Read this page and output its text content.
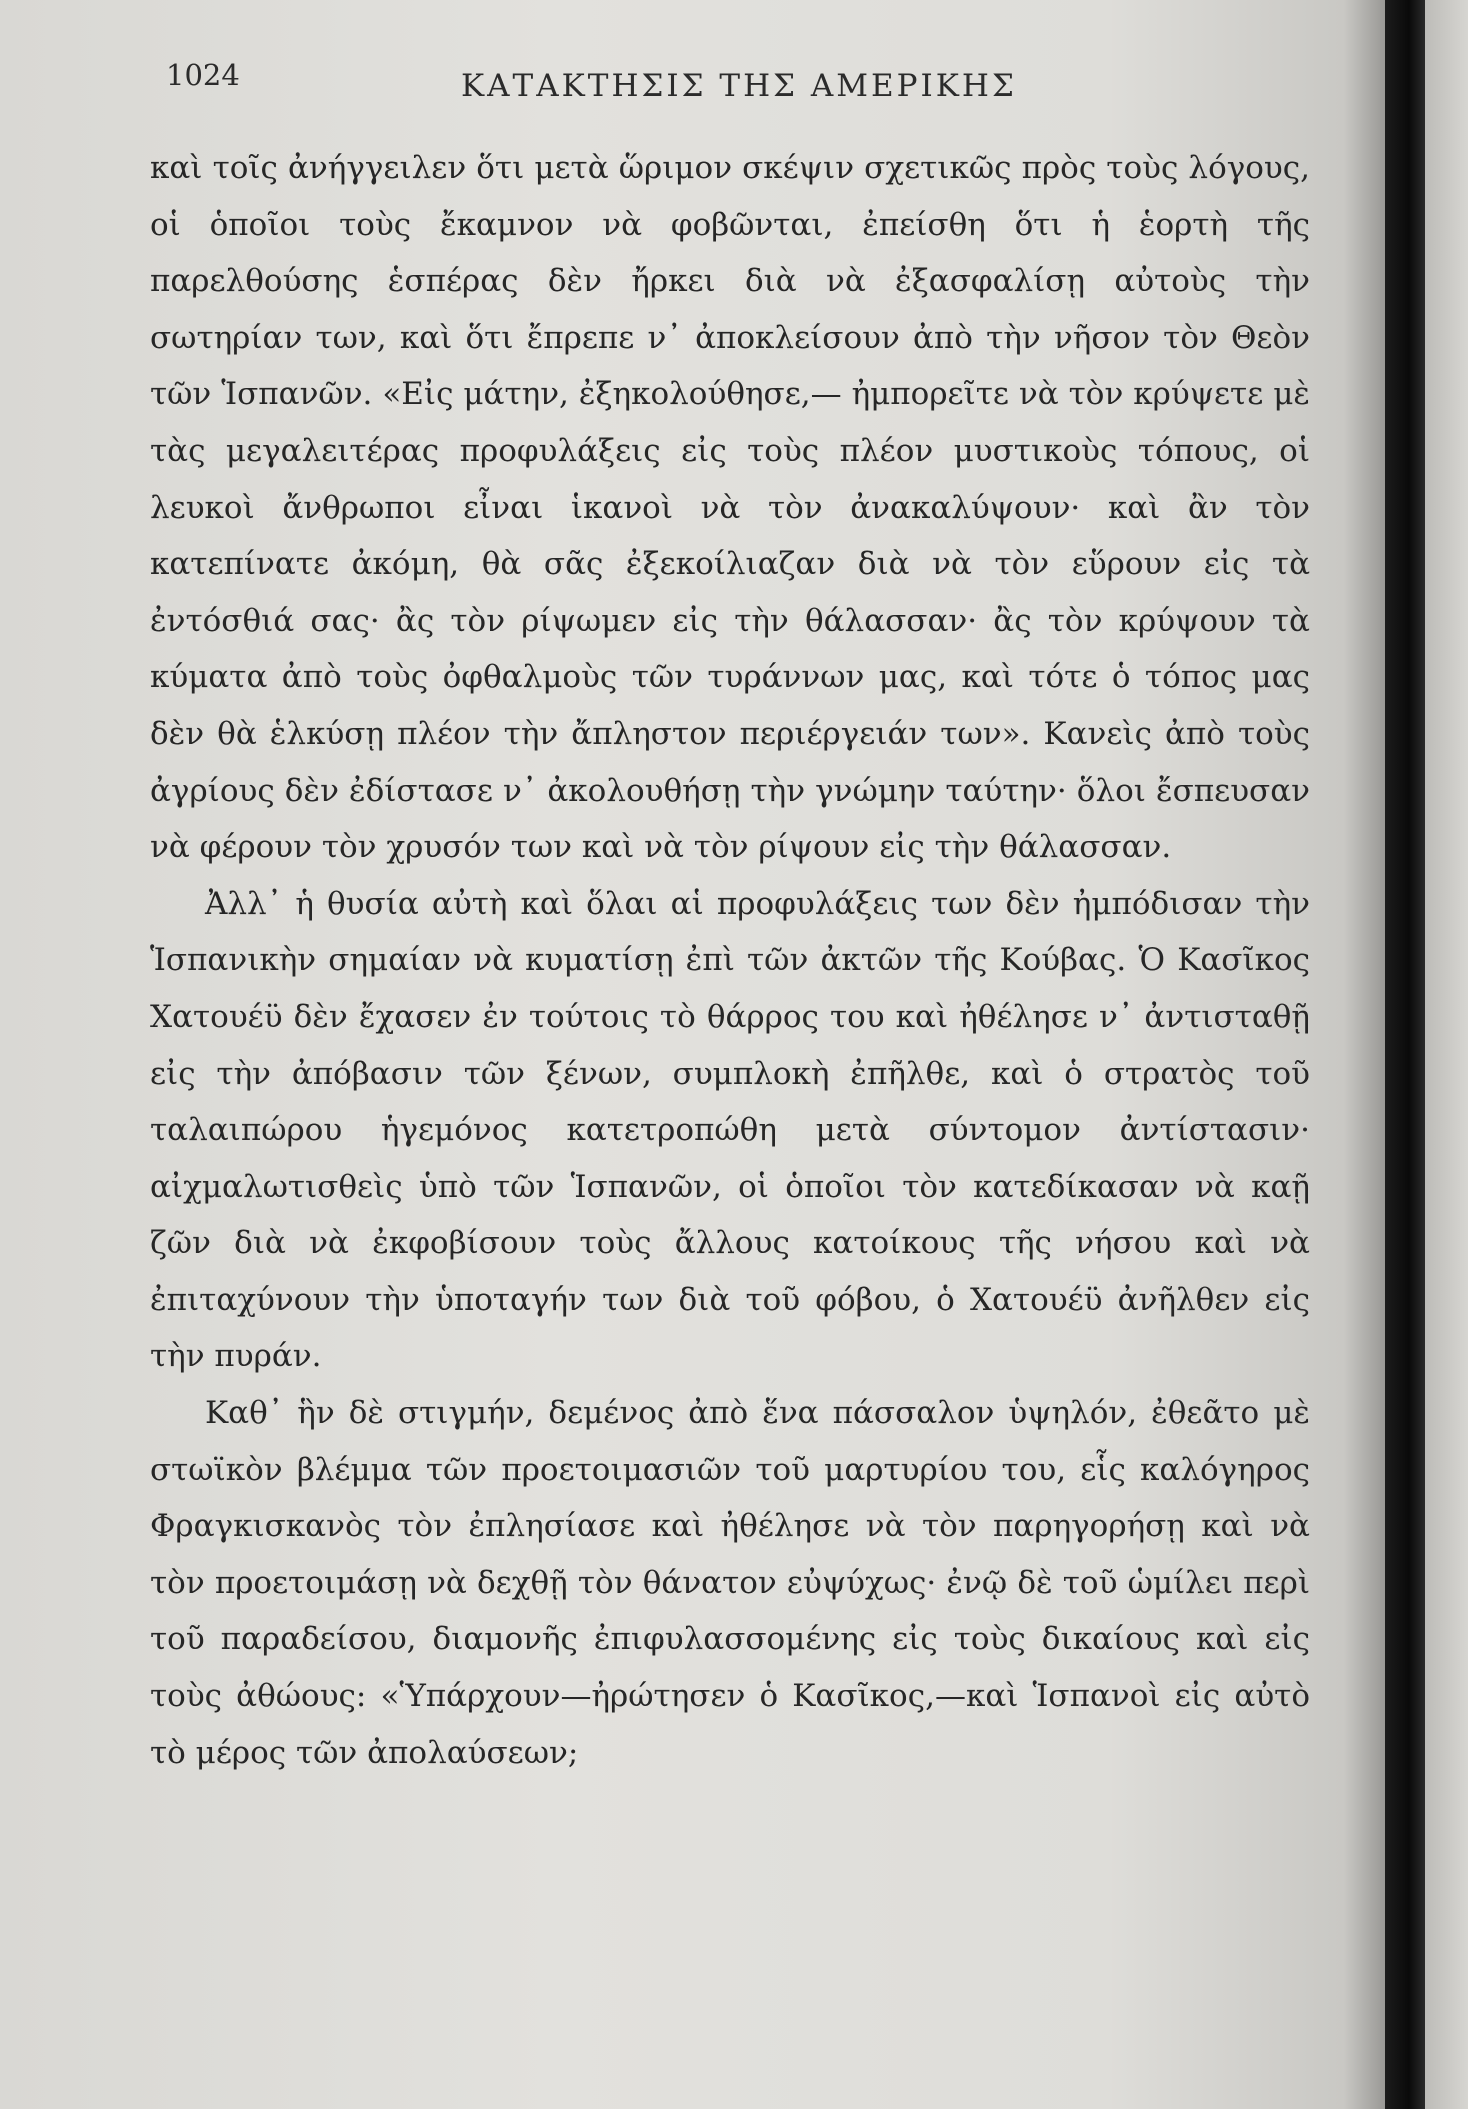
1024	ΚΑΤΑΚΤΗΣΙΣ ΤΗΣ ΑΜΕΡΙΚΗΣ

καὶ τοῖς ἀνήγγειλεν ὅτι μετὰ ὥριμον σκέψιν σχετικῶς πρὸς τοὺς λόγους, οἱ ὁποῖοι τοὺς ἔκαμνον νὰ φοβῶνται, ἐπείσθη ὅτι ἡ ἑορτὴ τῆς παρελθούσης ἑσπέρας δὲν ἤρκει διὰ νὰ ἐξασφαλίσῃ αὐτοὺς τὴν σωτηρίαν των, καὶ ὅτι ἔπρεπε ν᾿ ἀποκλείσουν ἀπὸ τὴν νῆσον τὸν Θεὸν τῶν Ἱσπανῶν. «Εἰς μάτην, ἐξηκολούθησε,— ἠμπορεῖτε νὰ τὸν κρύψετε μὲ τὰς μεγαλειτέρας προφυλάξεις εἰς τοὺς πλέον μυστικοὺς τόπους, οἱ λευκοὶ ἄνθρωποι εἶναι ἱκανοὶ νὰ τὸν ἀνακαλύψουν· καὶ ἂν τὸν κατεπίνατε ἀκόμη, θὰ σᾶς ἐξεκοίλιαζαν διὰ νὰ τὸν εὕρουν εἰς τὰ ἐντόσθιά σας· ἂς τὸν ρίψωμεν εἰς τὴν θάλασσαν· ἂς τὸν κρύψουν τὰ κύματα ἀπὸ τοὺς ὀφθαλμοὺς τῶν τυράννων μας, καὶ τότε ὁ τόπος μας δὲν θὰ ἑλκύσῃ πλέον τὴν ἄπληστον περιέργειάν των». Κανεὶς ἀπὸ τοὺς ἀγρίους δὲν ἐδίστασε ν᾿ ἀκολουθήσῃ τὴν γνώμην ταύτην· ὅλοι ἔσπευσαν νὰ φέρουν τὸν χρυσόν των καὶ νὰ τὸν ρίψουν εἰς τὴν θάλασσαν.

Ἀλλ᾿ ἡ θυσία αὐτὴ καὶ ὅλαι αἱ προφυλάξεις των δὲν ἠμπόδισαν τὴν Ἱσπανικὴν σημαίαν νὰ κυματίσῃ ἐπὶ τῶν ἀκτῶν τῆς Κούβας. Ὁ Κασῖκος Χατουέϋ δὲν ἔχασεν ἐν τούτοις τὸ θάρρος του καὶ ἠθέλησε ν᾿ ἀντισταθῇ εἰς τὴν ἀπόβασιν τῶν ξένων, συμπλοκὴ ἐπῆλθε, καὶ ὁ στρατὸς τοῦ ταλαιπώρου ἡγεμόνος κατετροπώθη μετὰ σύντομον ἀντίστασιν· αἰχμαλωτισθεὶς ὑπὸ τῶν Ἱσπανῶν, οἱ ὁποῖοι τὸν κατεδίκασαν νὰ καῇ ζῶν διὰ νὰ ἐκφοβίσουν τοὺς ἄλλους κατοίκους τῆς νήσου καὶ νὰ ἐπιταχύνουν τὴν ὑποταγήν των διὰ τοῦ φόβου, ὁ Χατουέϋ ἀνῆλθεν εἰς τὴν πυράν.

Καθ᾿ ἣν δὲ στιγμήν, δεμένος ἀπὸ ἕνα πάσσαλον ὑψηλόν, ἐθεᾶτο μὲ στωϊκὸν βλέμμα τῶν προετοιμασιῶν τοῦ μαρτυρίου του, εἷς καλόγηρος Φραγκισκανὸς τὸν ἐπλησίασε καὶ ἠθέλησε νὰ τὸν παρηγορήσῃ καὶ νὰ τὸν προετοιμάσῃ νὰ δεχθῇ τὸν θάνατον εὐψύχως· ἐνῷ δὲ τοῦ ὡμίλει περὶ τοῦ παραδείσου, διαμονῆς ἐπιφυλασσομένης εἰς τοὺς δικαίους καὶ εἰς τοὺς ἀθώους: «Ὑπάρχουν—ἠρώτησεν ὁ Κασῖκος,—καὶ Ἱσπανοὶ εἰς αὐτὸ τὸ μέρος τῶν ἀπολαύσεων;
